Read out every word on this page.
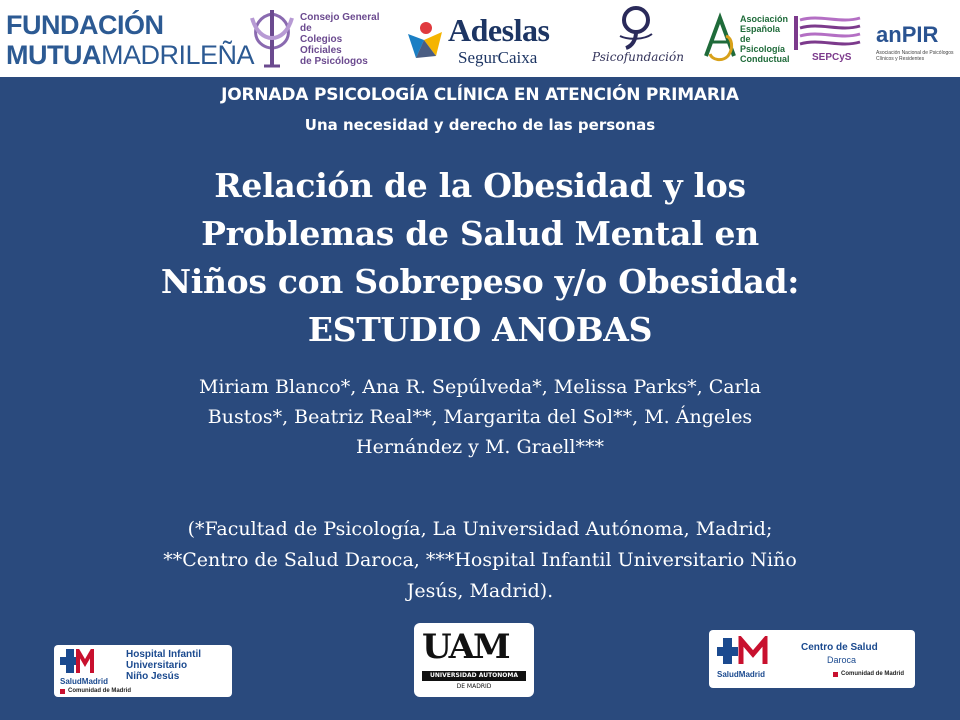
FUNDACIÓN
MUTUAMADRILEÑA
Consejo General de
Colegios Oficiales
de Psicólogos
Adeslas
SegurCaixa	Psicofundación
Asociación
Española de
Psicología
Conductual SEPCyS
anPIR
Asociación Nacional de Psicólogos Clínicos y Residentes
JORNADA PSICOLOGÍA CLÍNICA EN ATENCIÓN PRIMARIA
Una necesidad y derecho de las personas
Relación de la Obesidad y los
Problemas de Salud Mental en
Niños con Sobrepeso y/o Obesidad:
ESTUDIO ANOBAS
Miriam Blanco*, Ana R. Sepúlveda*, Melissa Parks*, Carla
Bustos*, Beatriz Real**, Margarita del Sol**, M. Ángeles
Hernández y M. Graell***
(*Facultad de Psicología, La Universidad Autónoma, Madrid;
**Centro de Salud Daroca, ***Hospital Infantil Universitario Niño
Jesús, Madrid).
SaludMadrid
Hospital Infantil
Universitario
Niño Jesús
Comunidad de Madrid
UAM
UNIVERSIDAD AUTONOMA
DE MADRID
SaludMadrid
Centro de Salud
Daroca
Comunidad de Madrid
